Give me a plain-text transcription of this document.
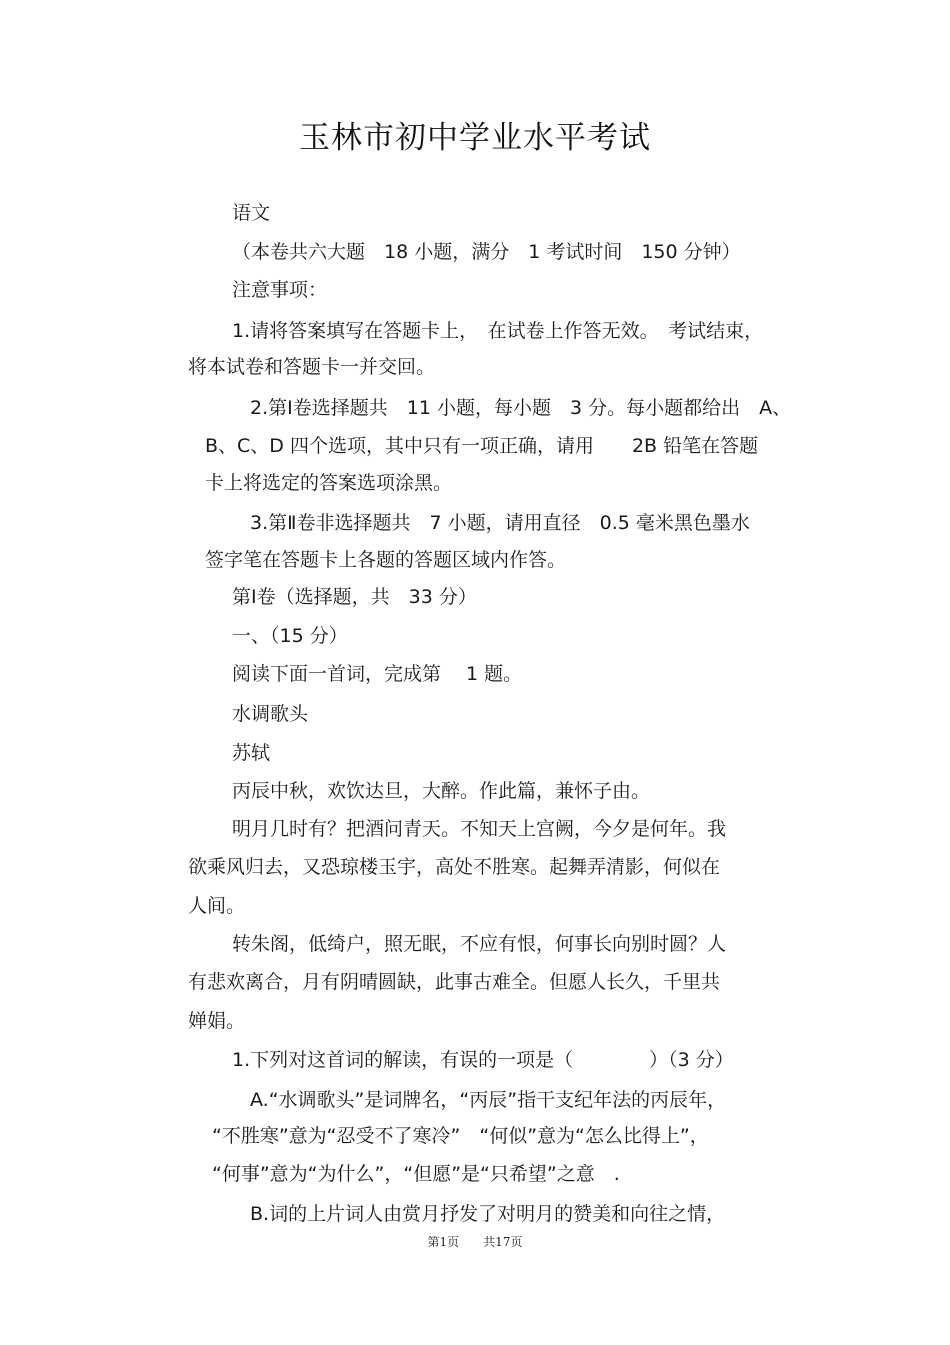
玉林市初中学业水平考试
语文
（本卷共六大题　18 小题，满分　1 考试时间　150 分钟）
注意事项：
1.请将答案填写在答题卡上，　在试卷上作答无效。　考试结束，
将本试卷和答题卡一并交回。
2.第Ⅰ卷选择题共　11 小题，每小题　3 分。每小题都给出　A、
B、C、D 四个选项，其中只有一项正确，请用　　2B 铅笔在答题
卡上将选定的答案选项涂黑。
3.第Ⅱ卷非选择题共　7 小题，请用直径　0.5 毫米黑色墨水
签字笔在答题卡上各题的答题区域内作答。
第Ⅰ卷（选择题，共　33 分）
一、（15 分）
阅读下面一首词，完成第　 1 题。
水调歌头
苏轼
丙辰中秋，欢饮达旦，大醉。作此篇，兼怀子由。
明月几时有？把酒问青天。不知天上宫阙，今夕是何年。我
欲乘风归去，又恐琼楼玉宇，高处不胜寒。起舞弄清影，何似在
人间。
转朱阁，低绮户，照无眠，不应有恨，何事长向别时圆？人
有悲欢离合，月有阴晴圆缺，此事古难全。但愿人长久，千里共
婵娟。
1.下列对这首词的解读，有误的一项是（　　　　）（3 分）
A.“水调歌头”是词牌名，“丙辰”指干支纪年法的丙辰年，
“不胜寒”意为“忍受不了寒冷”　“何似”意为“怎么比得上”，
“何事”意为“为什么”，“但愿”是“只希望”之意　.
B.词的上片词人由赏月抒发了对明月的赞美和向往之情，
第1页　　共17页
